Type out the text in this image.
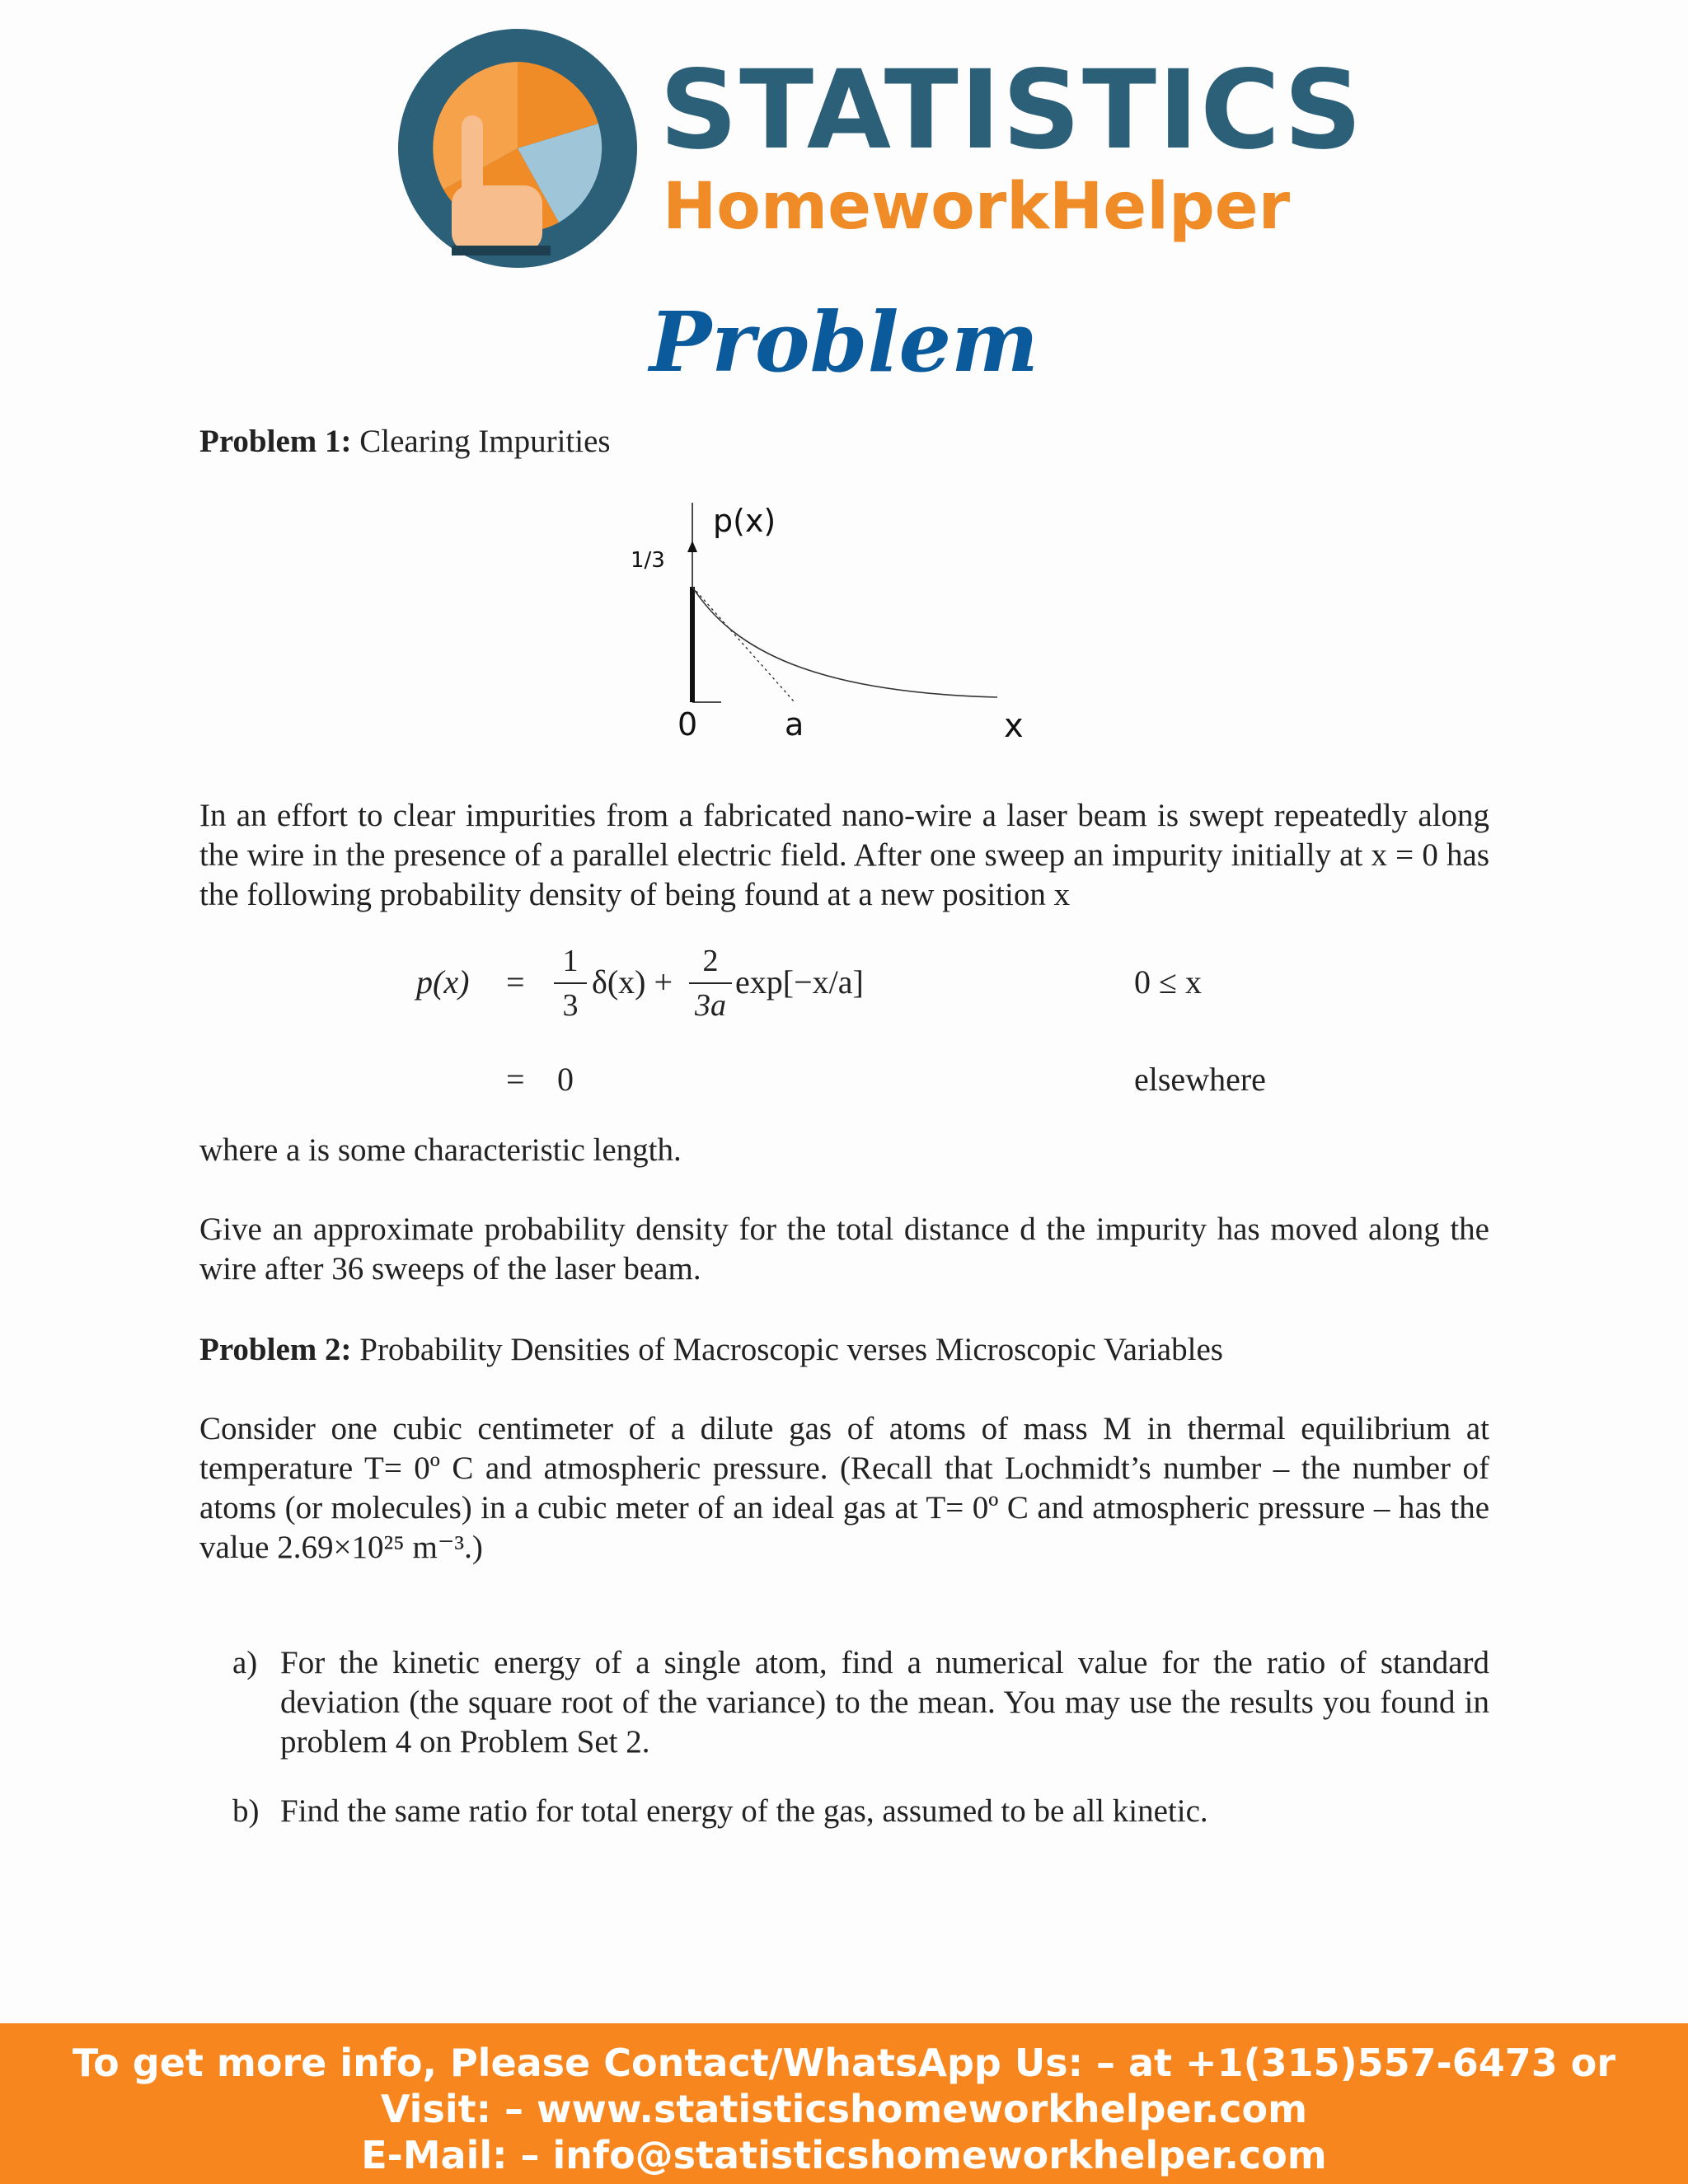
STATISTICS
HomeworkHelper
Problem
Problem 1: Clearing Impurities
p(x)
1/3
0	a	x
In an effort to clear impurities from a fabricated nano-wire a laser beam is swept repeatedly along the wire in the presence of a parallel electric field. After one sweep an impurity initially at x = 0 has the following probability density of being found at a new position x
p(x) =
1
3
δ(x) +
2
3a
exp[−x/a]	0 ≤ x
= 0	elsewhere
where a is some characteristic length.
Give an approximate probability density for the total distance d the impurity has moved along the wire after 36 sweeps of the laser beam.
Problem 2: Probability Densities of Macroscopic verses Microscopic Variables
Consider one cubic centimeter of a dilute gas of atoms of mass M in thermal equilibrium at temperature T= 0º C and atmospheric pressure. (Recall that Lochmidt’s number – the number of atoms (or molecules) in a cubic meter of an ideal gas at T= 0º C and atmospheric pressure – has the value 2.69×10²⁵ m⁻³.)
a) For the kinetic energy of a single atom, find a numerical value for the ratio of standard deviation (the square root of the variance) to the mean. You may use the results you found in problem 4 on Problem Set 2.
b) Find the same ratio for total energy of the gas, assumed to be all kinetic.
To get more info, Please Contact/WhatsApp Us: – at +1(315)557-6473 or
Visit: – www.statisticshomeworkhelper.com
E-Mail: – info@statisticshomeworkhelper.com
